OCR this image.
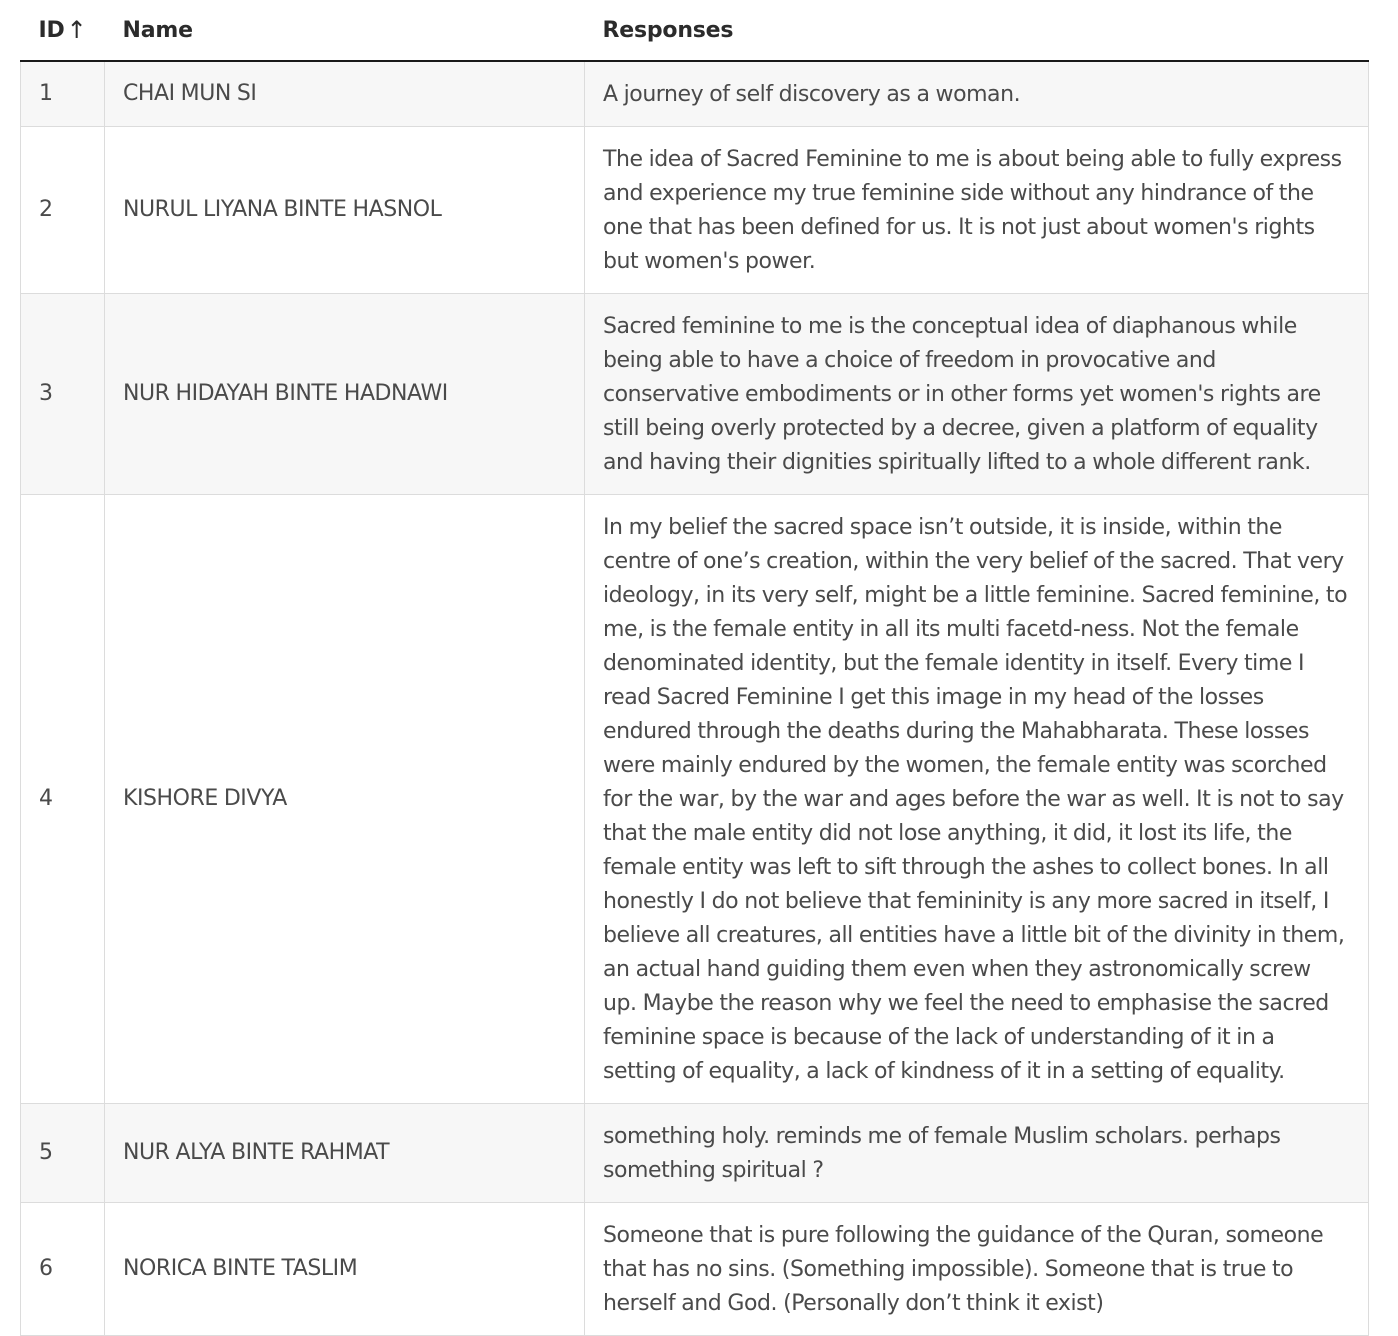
ID↑	Name	Responses
1	CHAI MUN SI	A journey of self discovery as a woman.
2	NURUL LIYANA BINTE HASNOL	The idea of Sacred Feminine to me is about being able to fully express and experience my true feminine side without any hindrance of the one that has been defined for us. It is not just about women's rights but women's power.
3	NUR HIDAYAH BINTE HADNAWI	Sacred feminine to me is the conceptual idea of diaphanous while being able to have a choice of freedom in provocative and conservative embodiments or in other forms yet women's rights are still being overly protected by a decree, given a platform of equality and having their dignities spiritually lifted to a whole different rank.
4	KISHORE DIVYA	In my belief the sacred space isn’t outside, it is inside, within the centre of one’s creation, within the very belief of the sacred. That very ideology, in its very self, might be a little feminine. Sacred feminine, to me, is the female entity in all its multi facetd-ness. Not the female denominated identity, but the female identity in itself. Every time I read Sacred Feminine I get this image in my head of the losses endured through the deaths during the Mahabharata. These losses were mainly endured by the women, the female entity was scorched for the war, by the war and ages before the war as well. It is not to say that the male entity did not lose anything, it did, it lost its life, the female entity was left to sift through the ashes to collect bones. In all honestly I do not believe that femininity is any more sacred in itself, I believe all creatures, all entities have a little bit of the divinity in them, an actual hand guiding them even when they astronomically screw up. Maybe the reason why we feel the need to emphasise the sacred feminine space is because of the lack of understanding of it in a setting of equality, a lack of kindness of it in a setting of equality.
5	NUR ALYA BINTE RAHMAT	something holy. reminds me of female Muslim scholars. perhaps something spiritual ?
6	NORICA BINTE TASLIM	Someone that is pure following the guidance of the Quran, someone that has no sins. (Something impossible). Someone that is true to herself and God. (Personally don’t think it exist)
